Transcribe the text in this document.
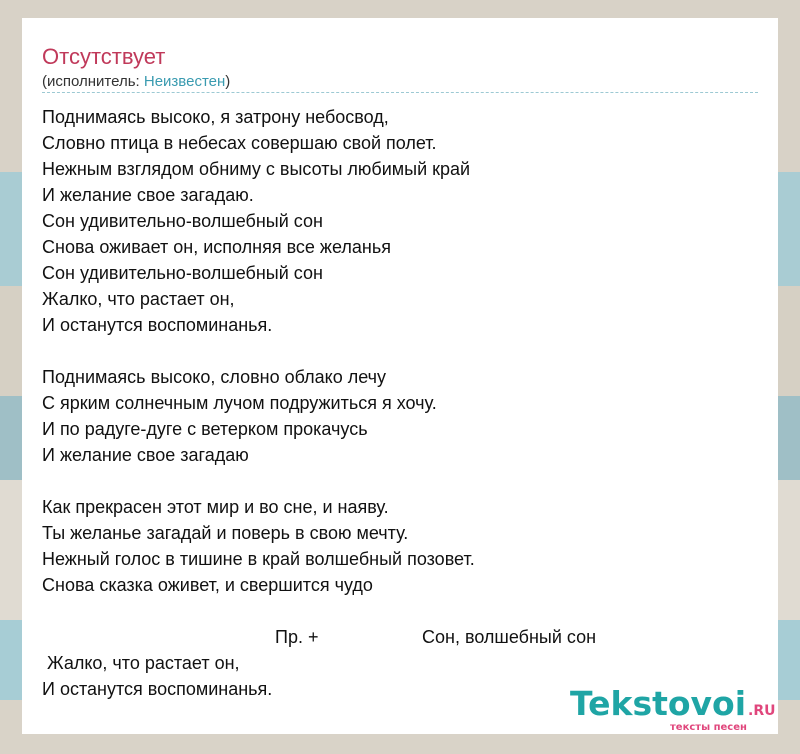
Отсутствует
(исполнитель: Неизвестен)
Поднимаясь высоко, я затрону небосвод,
Словно птица в небесах совершаю свой полет.
Нежным взглядом обниму с высоты любимый край
И желание свое загадаю.
Сон удивительно-волшебный сон
Снова оживает он, исполняя все желанья
Сон удивительно-волшебный сон
Жалко, что растает он,
И останутся воспоминанья.
Поднимаясь высоко, словно облако лечу
С ярким солнечным лучом подружиться я хочу.
И по радуге-дуге с ветерком прокачусь
И желание свое загадаю
Как прекрасен этот мир и во сне, и наяву.
Ты желанье загадай и поверь в свою мечту.
Нежный голос в тишине в край волшебный позовет.
Снова сказка оживет, и свершится чудо
Пр. +	Сон, волшебный сон
Жалко, что растает он,
И останутся воспоминанья.	Tekstovoi .RU
тексты песен
